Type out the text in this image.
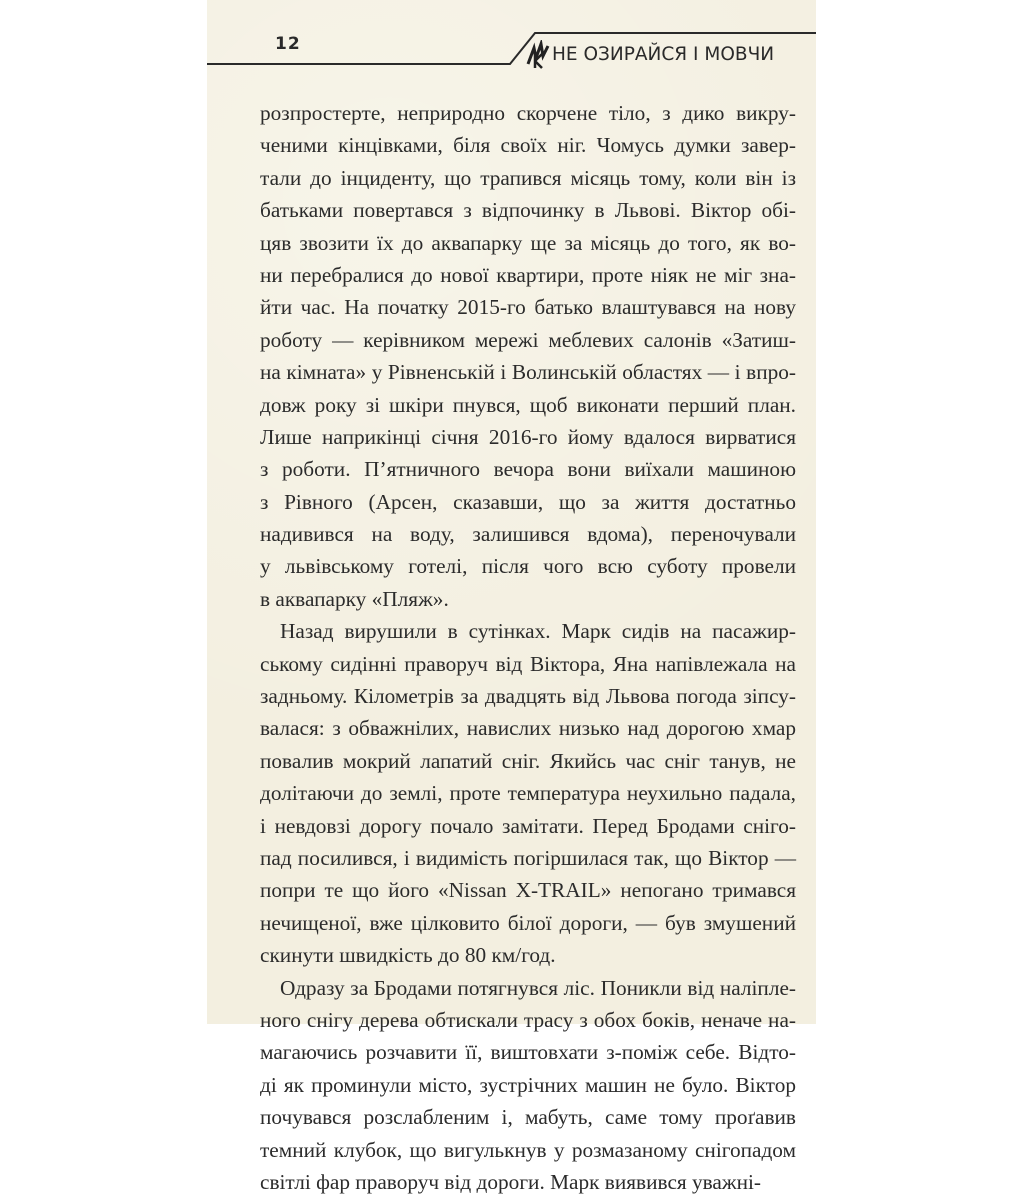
12	НЕ ОЗИРАЙСЯ І МОВЧИ
розпростерте, неприродно скорчене тіло, з дико викру-
ченими кінцівками, біля своїх ніг. Чомусь думки завер-
тали до інциденту, що трапився місяць тому, коли він із
батьками повертався з відпочинку в Львові. Віктор обі-
цяв звозити їх до аквапарку ще за місяць до того, як во-
ни перебралися до нової квартири, проте ніяк не міг зна-
йти час. На початку 2015-го батько влаштувався на нову
роботу — керівником мережі меблевих салонів «Затиш-
на кімната» у Рівненській і Волинській областях — і впро-
довж року зі шкіри пнувся, щоб виконати перший план.
Лише наприкінці січня 2016-го йому вдалося вирватися
з роботи. П’ятничного вечора вони виїхали машиною
з Рівного (Арсен, сказавши, що за життя достатньо
надивився на воду, залишився вдома), переночували
у львівському готелі, після чого всю суботу провели
в аквапарку «Пляж».
Назад вирушили в сутінках. Марк сидів на пасажир-
ському сидінні праворуч від Віктора, Яна напівлежала на
задньому. Кілометрів за двадцять від Львова погода зіпсу-
валася: з обважнілих, навислих низько над дорогою хмар
повалив мокрий лапатий сніг. Якийсь час сніг танув, не
долітаючи до землі, проте температура неухильно падала,
і невдовзі дорогу почало замітати. Перед Бродами сніго-
пад посилився, і видимість погіршилася так, що Віктор —
попри те що його «Nissan X-TRAIL» непогано тримався
нечищеної, вже цілковито білої дороги, — був змушений
скинути швидкість до 80 км/год.
Одразу за Бродами потягнувся ліс. Поникли від наліпле-
ного снігу дерева обтискали трасу з обох боків, неначе на-
магаючись розчавити її, виштовхати з-поміж себе. Відто-
ді як проминули місто, зустрічних машин не було. Віктор
почувався розслабленим і, мабуть, саме тому проґавив
темний клубок, що вигулькнув у розмазаному снігопадом
світлі фар праворуч від дороги. Марк виявився уважні-
